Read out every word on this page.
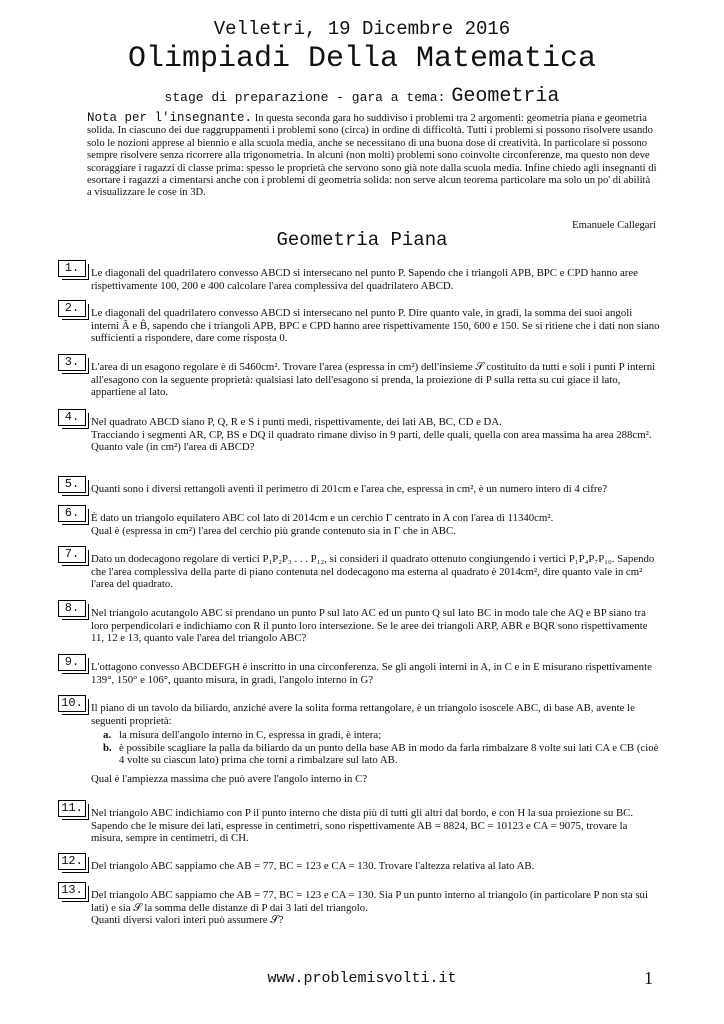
Velletri, 19 Dicembre 2016
Olimpiadi Della Matematica
stage di preparazione - gara a tema: Geometria
Nota per l'insegnante. In questa seconda gara ho suddiviso i problemi tra 2 argomenti: geometria piana e geometria solida. In ciascuno dei due raggruppamenti i problemi sono (circa) in ordine di difficoltà. Tutti i problemi si possono risolvere usando solo le nozioni apprese al biennio e alla scuola media, anche se necessitano di una buona dose di creatività. In particolare si possono sempre risolvere senza ricorrere alla trigonometria. In alcuni (non molti) problemi sono coinvolte circonferenze, ma questo non deve scoraggiare i ragazzi di classe prima: spesso le proprietà che servono sono già note dalla scuola media. Infine chiedo agli insegnanti di esortare i ragazzi a cimentarsi anche con i problemi di geometria solida: non serve alcun teorema particolare ma solo un po' di abilità a visualizzare le cose in 3D.
Emanuele Callegari
Geometria Piana
1.	Le diagonali del quadrilatero convesso ABCD si intersecano nel punto P. Sapendo che i triangoli APB, BPC e CPD hanno aree rispettivamente 100, 200 e 400 calcolare l'area complessiva del quadrilatero ABCD.

2.	Le diagonali del quadrilatero convesso ABCD si intersecano nel punto P. Dire quanto vale, in gradi, la somma dei suoi angoli interni Â e B̂, sapendo che i triangoli APB, BPC e CPD hanno aree rispettivamente 150, 600 e 150. Se si ritiene che i dati non siano sufficienti a rispondere, dare come risposta 0.

3.	L'area di un esagono regolare è di 5460cm². Trovare l'area (espressa in cm²) dell'insieme 𝒮 costituito da tutti e soli i punti P interni all'esagono con la seguente proprietà: qualsiasi lato dell'esagono si prenda, la proiezione di P sulla retta su cui giace il lato, appartiene al lato.

4.	Nel quadrato ABCD siano P, Q, R e S i punti medi, rispettivamente, dei lati AB, BC, CD e DA.

Tracciando i segmenti AR, CP, BS e DQ il quadrato rimane diviso in 9 parti, delle quali, quella con area massima ha area 288cm².

Quanto vale (in cm²) l'area di ABCD?

5.	Quanti sono i diversi rettangoli aventi il perimetro di 201cm e l'area che, espressa in cm², è un numero intero di 4 cifre?

6.	È dato un triangolo equilatero ABC col lato di 2014cm e un cerchio Γ centrato in A con l'area di 11340cm².

Qual è (espressa in cm²) l'area del cerchio più grande contenuto sia in Γ che in ABC.

7.	Dato un dodecagono regolare di vertici P₁P₂P₃ . . . P₁₂, si consideri il quadrato ottenuto congiungendo i vertici P₁P₄P₇P₁₀. Sapendo che l'area complessiva della parte di piano contenuta nel dodecagono ma esterna al quadrato è 2014cm², dire quanto vale in cm² l'area del quadrato.

8.	Nel triangolo acutangolo ABC si prendano un punto P sul lato AC ed un punto Q sul lato BC in modo tale che AQ e BP siano tra loro perpendicolari e indichiamo con R il punto loro intersezione. Se le aree dei triangoli ARP, ABR e BQR sono rispettivamente 11, 12 e 13, quanto vale l'area del triangolo ABC?

9.	L'ottagono convesso ABCDEFGH è inscritto in una circonferenza. Se gli angoli interni in A, in C e in E misurano rispettivamente 139°, 150° e 106°, quanto misura, in gradi, l'angolo interno in G?

10. Il piano di un tavolo da biliardo, anziché avere la solita forma rettangolare, è un triangolo isoscele ABC, di base AB, avente le seguenti proprietà:

a. la misura dell'angolo interno in C, espressa in gradi, è intera;
b. è possibile scagliare la palla da biliardo da un punto della base AB in modo da farla rimbalzare 8 volte sui lati CA e CB (cioè 4 volte su ciascun lato) prima che torni a rimbalzare sul lato AB.

Qual è l'ampiezza massima che può avere l'angolo interno in C?

11. Nel triangolo ABC indichiamo con P il punto interno che dista più di tutti gli altri dal bordo, e con H la sua proiezione su BC. Sapendo che le misure dei lati, espresse in centimetri, sono rispettivamente AB = 8824, BC = 10123 e CA = 9075, trovare la misura, sempre in centimetri, di CH.

12. Del triangolo ABC sappiamo che AB = 77, BC = 123 e CA = 130. Trovare l'altezza relativa al lato AB.

13. Del triangolo ABC sappiamo che AB = 77, BC = 123 e CA = 130. Sia P un punto interno al triangolo (in particolare P non sta sui lati) e sia 𝒮 la somma delle distanze di P dai 3 lati del triangolo.

Quanti diversi valori interi può assumere 𝒮?

www.problemisvolti.it	1
